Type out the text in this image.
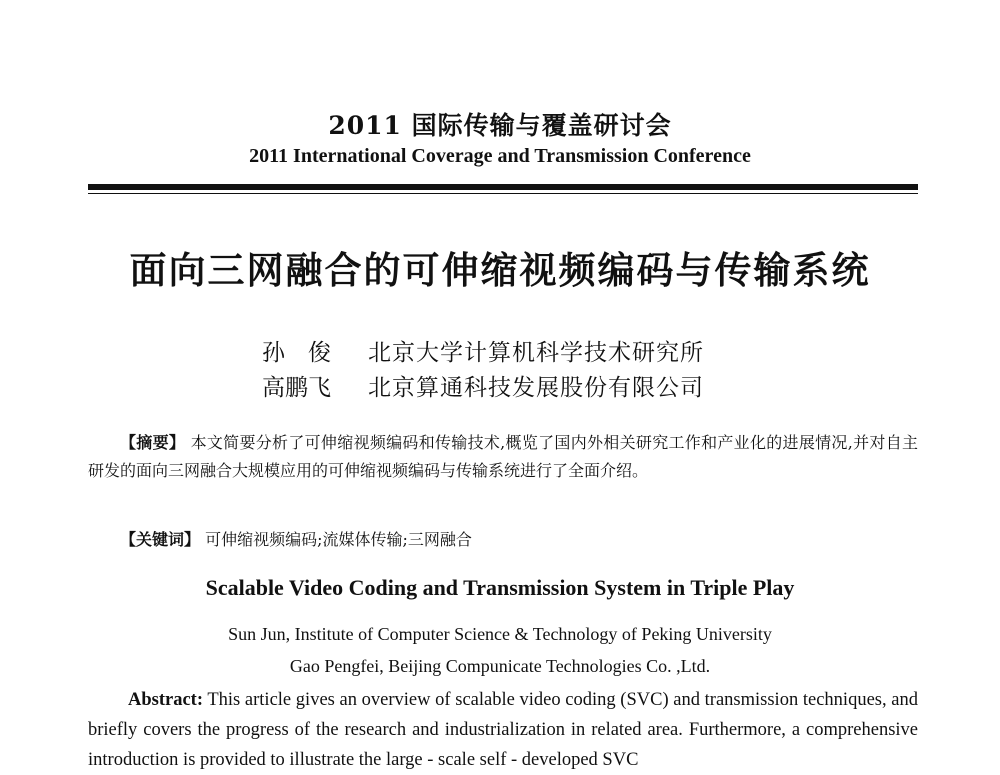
2011 国际传输与覆盖研讨会
2011 International Coverage and Transmission Conference
面向三网融合的可伸缩视频编码与传输系统
孙　俊 北京大学计算机科学技术研究所
高鹏飞 北京算通科技发展股份有限公司
【摘要】 本文简要分析了可伸缩视频编码和传输技术,概览了国内外相关研究工作和产业化的进展情况,并对自主研发的面向三网融合大规模应用的可伸缩视频编码与传输系统进行了全面介绍。
【关键词】 可伸缩视频编码;流媒体传输;三网融合
Scalable Video Coding and Transmission System in Triple Play
Sun Jun, Institute of Computer Science & Technology of Peking University
Gao Pengfei, Beijing Compunicate Technologies Co. ,Ltd.
Abstract: This article gives an overview of scalable video coding (SVC) and transmission techniques, and briefly covers the progress of the research and industrialization in related area. Furthermore, a comprehensive introduction is provided to illustrate the large - scale self - developed SVC
